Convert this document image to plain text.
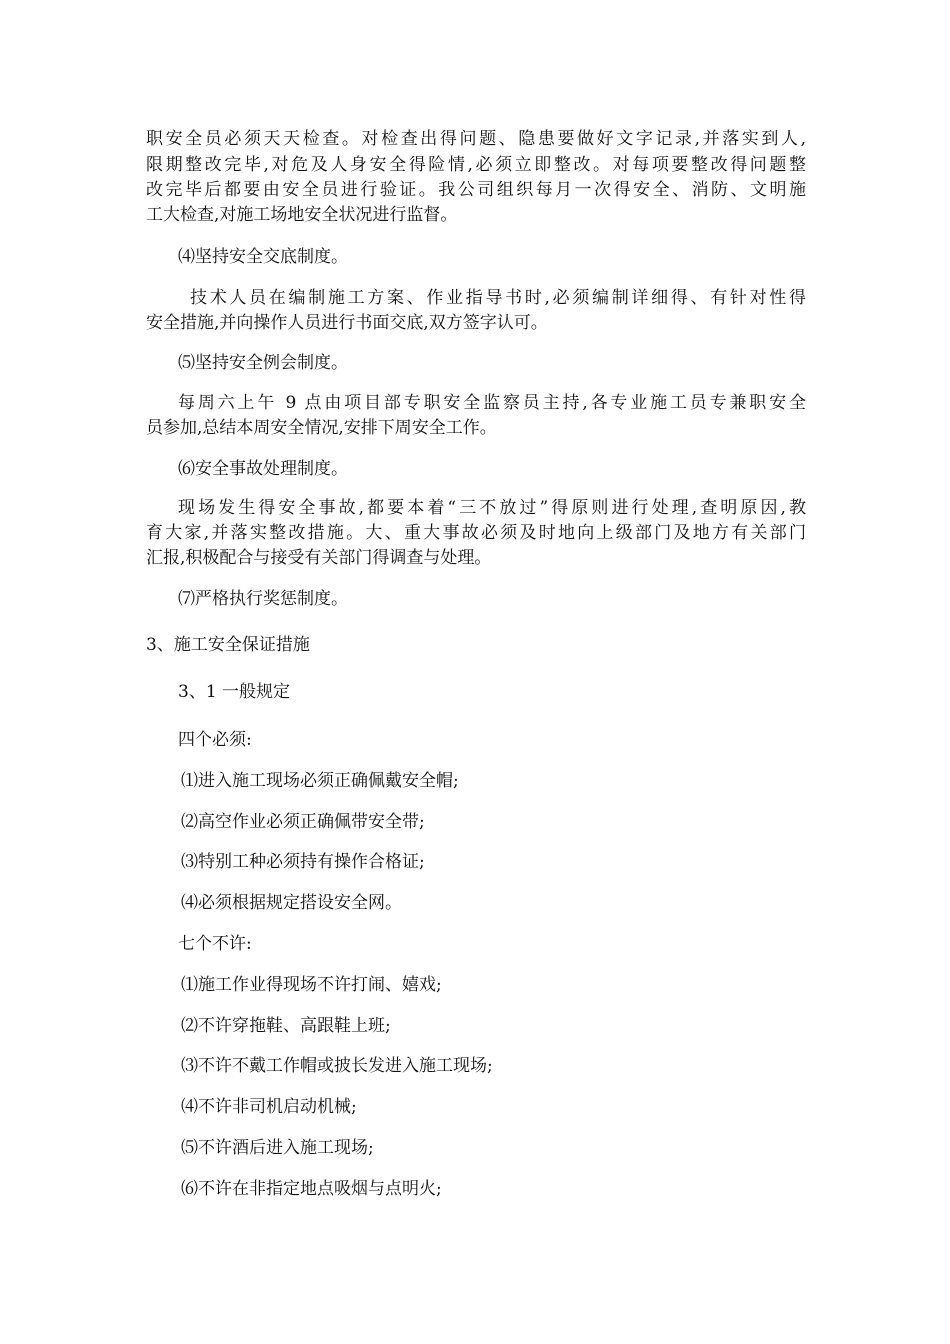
职安全员必须天天检查。对检查出得问题、隐患要做好文字记录,并落实到人,
限期整改完毕,对危及人身安全得险情,必须立即整改。对每项要整改得问题整
改完毕后都要由安全员进行验证。我公司组织每月一次得安全、消防、文明施
工大检查,对施工场地安全状况进行监督。
⑷坚持安全交底制度。
技术人员在编制施工方案、作业指导书时,必须编制详细得、有针对性得
安全措施,并向操作人员进行书面交底,双方签字认可。
⑸坚持安全例会制度。
每周六上午 9 点由项目部专职安全监察员主持,各专业施工员专兼职安全
员参加,总结本周安全情况,安排下周安全工作。
⑹安全事故处理制度。
现场发生得安全事故,都要本着“三不放过”得原则进行处理,查明原因,教
育大家,并落实整改措施。大、重大事故必须及时地向上级部门及地方有关部门
汇报,积极配合与接受有关部门得调查与处理。
⑺严格执行奖惩制度。
3、施工安全保证措施
3、1 一般规定
四个必须:
⑴进入施工现场必须正确佩戴安全帽;
⑵高空作业必须正确佩带安全带;
⑶特别工种必须持有操作合格证;
⑷必须根据规定搭设安全网。
七个不许:
⑴施工作业得现场不许打闹、嬉戏;
⑵不许穿拖鞋、高跟鞋上班;
⑶不许不戴工作帽或披长发进入施工现场;
⑷不许非司机启动机械;
⑸不许酒后进入施工现场;
⑹不许在非指定地点吸烟与点明火;
